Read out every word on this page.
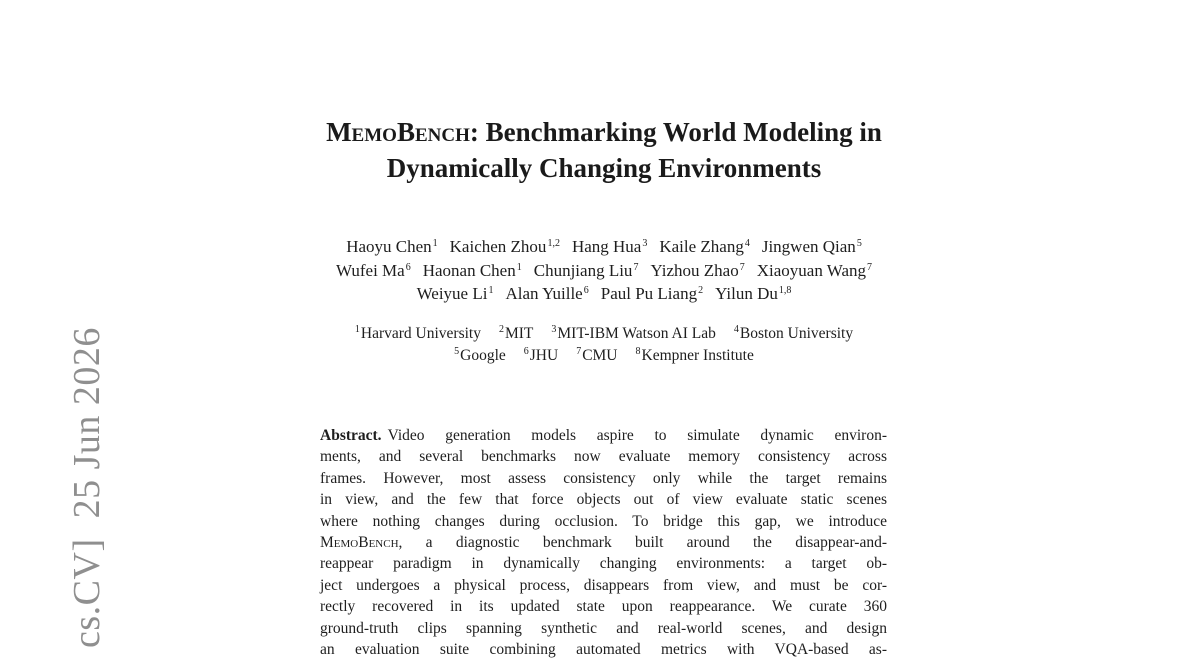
cs.CV]25 Jun 2026
MemoBench: Benchmarking World Modeling in
Dynamically Changing Environments
Haoyu Chen$^1$ Kaichen Zhou$^{1,2}$ Hang Hua$^3$ Kaile Zhang$^4$ Jingwen Qian$^5$
Wufei Ma$^6$ Haonan Chen$^1$ Chunjiang Liu$^7$ Yizhou Zhao$^7$ Xiaoyuan Wang$^7$
Weiyue Li$^1$ Alan Yuille$^6$ Paul Pu Liang$^2$ Yilun Du$^{1,8}$
$^1$Harvard University $^2$MIT $^3$MIT-IBM Watson AI Lab $^4$Boston University
$^5$Google $^6$JHU $^7$CMU $^8$Kempner Institute
Abstract. Video generation models aspire to simulate dynamic environ-
ments, and several benchmarks now evaluate memory consistency across
frames. However, most assess consistency only while the target remains
in view, and the few that force objects out of view evaluate static scenes
where nothing changes during occlusion. To bridge this gap, we introduce
MemoBench, a diagnostic benchmark built around the disappear-and-
reappear paradigm in dynamically changing environments: a target ob-
ject undergoes a physical process, disappears from view, and must be cor-
rectly recovered in its updated state upon reappearance. We curate 360
ground-truth clips spanning synthetic and real-world scenes, and design
an evaluation suite combining automated metrics with VQA-based as-
